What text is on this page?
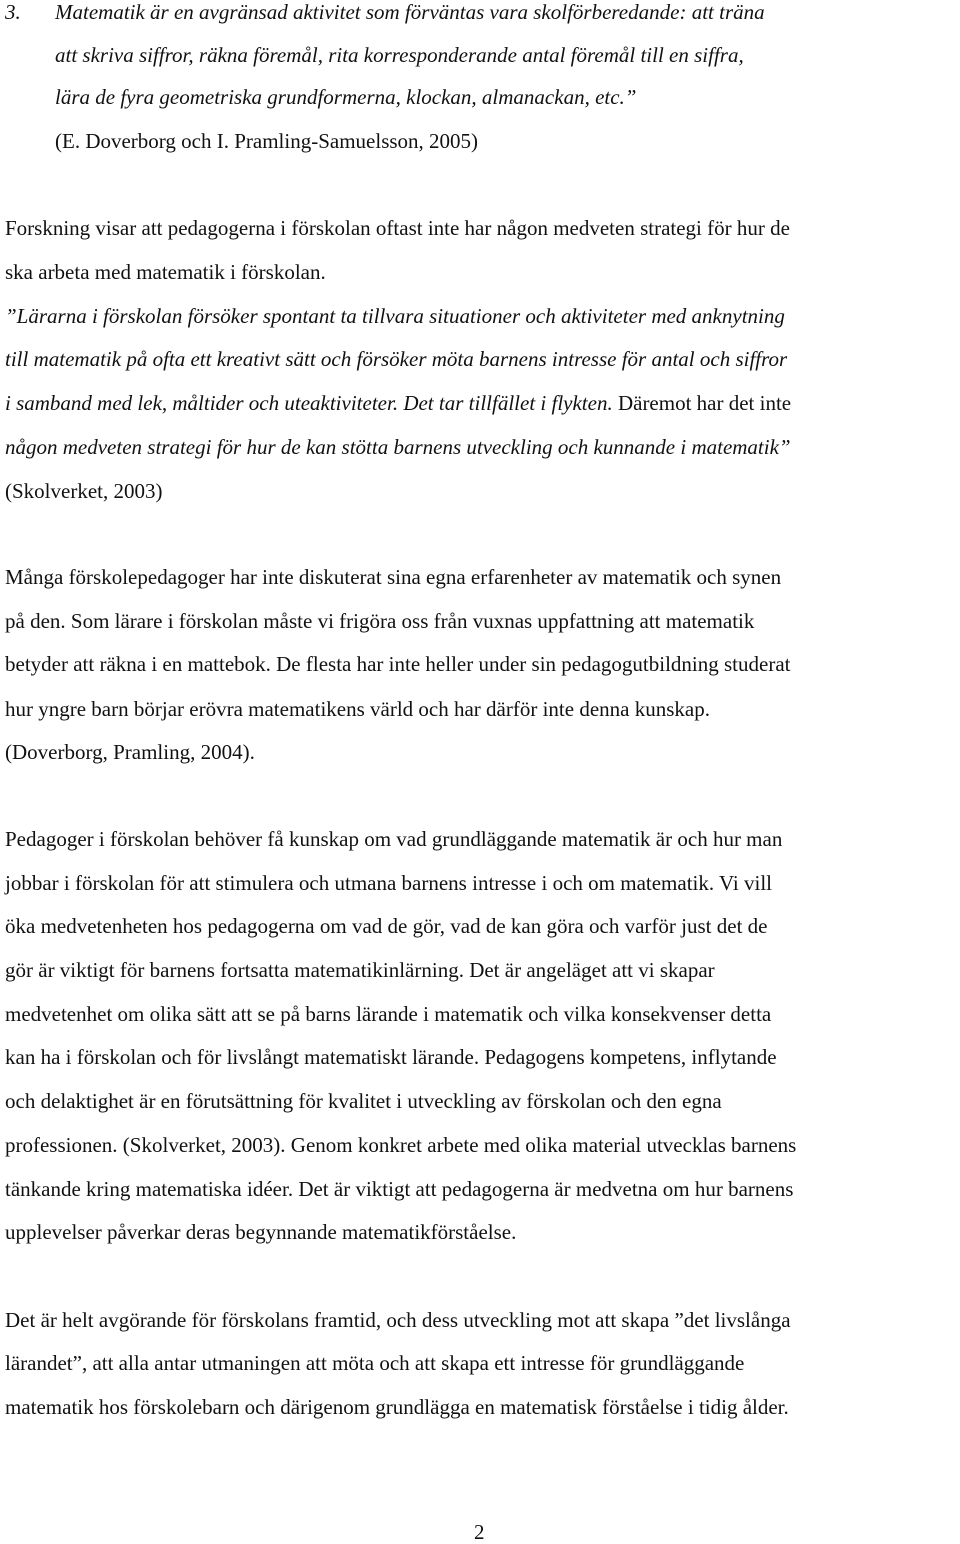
3. Matematik är en avgränsad aktivitet som förväntas vara skolförberedande: att träna
att skriva siffror, räkna föremål, rita korresponderande antal föremål till en siffra,
lära de fyra geometriska grundformerna, klockan, almanackan, etc.”
(E. Doverborg och I. Pramling-Samuelsson, 2005)
Forskning visar att pedagogerna i förskolan oftast inte har någon medveten strategi för hur de
ska arbeta med matematik i förskolan.
”Lärarna i förskolan försöker spontant ta tillvara situationer och aktiviteter med anknytning
till matematik på ofta ett kreativt sätt och försöker möta barnens intresse för antal och siffror
i samband med lek, måltider och uteaktiviteter. Det tar tillfället i flykten. Däremot har det inte
någon medveten strategi för hur de kan stötta barnens utveckling och kunnande i matematik”
(Skolverket, 2003)
Många förskolepedagoger har inte diskuterat sina egna erfarenheter av matematik och synen
på den. Som lärare i förskolan måste vi frigöra oss från vuxnas uppfattning att matematik
betyder att räkna i en mattebok. De flesta har inte heller under sin pedagogutbildning studerat
hur yngre barn börjar erövra matematikens värld och har därför inte denna kunskap.
(Doverborg, Pramling, 2004).
Pedagoger i förskolan behöver få kunskap om vad grundläggande matematik är och hur man
jobbar i förskolan för att stimulera och utmana barnens intresse i och om matematik. Vi vill
öka medvetenheten hos pedagogerna om vad de gör, vad de kan göra och varför just det de
gör är viktigt för barnens fortsatta matematikinlärning. Det är angeläget att vi skapar
medvetenhet om olika sätt att se på barns lärande i matematik och vilka konsekvenser detta
kan ha i förskolan och för livslångt matematiskt lärande. Pedagogens kompetens, inflytande
och delaktighet är en förutsättning för kvalitet i utveckling av förskolan och den egna
professionen. (Skolverket, 2003). Genom konkret arbete med olika material utvecklas barnens
tänkande kring matematiska idéer. Det är viktigt att pedagogerna är medvetna om hur barnens
upplevelser påverkar deras begynnande matematikförståelse.
Det är helt avgörande för förskolans framtid, och dess utveckling mot att skapa ”det livslånga
lärandet”, att alla antar utmaningen att möta och att skapa ett intresse för grundläggande
matematik hos förskolebarn och därigenom grundlägga en matematisk förståelse i tidig ålder.
2
